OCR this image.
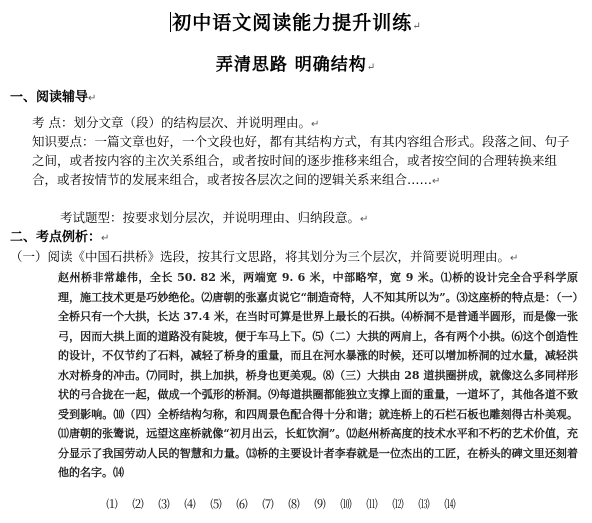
初中语文阅读能力提升训练↵
弄清思路 明确结构↵
一、阅读辅导↵
考 点：划分文章（段）的结构层次、并说明理由。↵
知识要点：一篇文章也好，一个文段也好，都有其结构方式，有其内容组合形式。段落之间、句子之间，或者按内容的主次关系组合，或者按时间的逐步推移来组合，或者按空间的合理转换来组合，或者按情节的发展来组合，或者按各层次之间的逻辑关系来组合……↵
考试题型：按要求划分层次，并说明理由、归纳段意。↵
二、考点例析：↵
（一）阅读《中国石拱桥》选段，按其行文思路，将其划分为三个层次，并简要说明理由。↵
赵州桥非常雄伟，全长 50. 82 米，两端宽 9. 6 米，中部略窄，宽 9 米。⑴桥的设计完全合乎科学原理，施工技术更是巧妙绝伦。⑵唐朝的张嘉贞说它“制造奇特，人不知其所以为”。⑶这座桥的特点是：（一）全桥只有一个大拱，长达 37.4 米，在当时可算是世界上最长的石拱。⑷桥洞不是普通半圆形，而是像一张弓，因而大拱上面的道路没有陡坡，便于车马上下。⑸（二）大拱的两肩上，各有两个小拱。⑹这个创造性的设计，不仅节约了石料，减轻了桥身的重量，而且在河水暴涨的时候，还可以增加桥洞的过水量，减轻洪水对桥身的冲击。⑺同时，拱上加拱，桥身也更美观。⑻（三）大拱由 28 道拱圈拼成，就像这么多同样形状的弓合拢在一起，做成一个弧形的桥洞。⑼每道拱圈都能独立支撑上面的重量，一道坏了，其他各道不致受到影响。⑽（四）全桥结构匀称，和四周景色配合得十分和谐；就连桥上的石栏石板也雕刻得古朴美观。⑾唐朝的张𬸦说，远望这座桥就像“初月出云，长虹饮涧”。⑿赵州桥高度的技术水平和不朽的艺术价值，充分显示了我国劳动人民的智慧和力量。⒀桥的主要设计者李春就是一位杰出的工匠，在桥头的碑文里还刻着他的名字。⒁
⑴	⑵	⑶	⑷	⑸	⑹	⑺	⑻	⑼	⑽	⑾	⑿	⒀	⒁
